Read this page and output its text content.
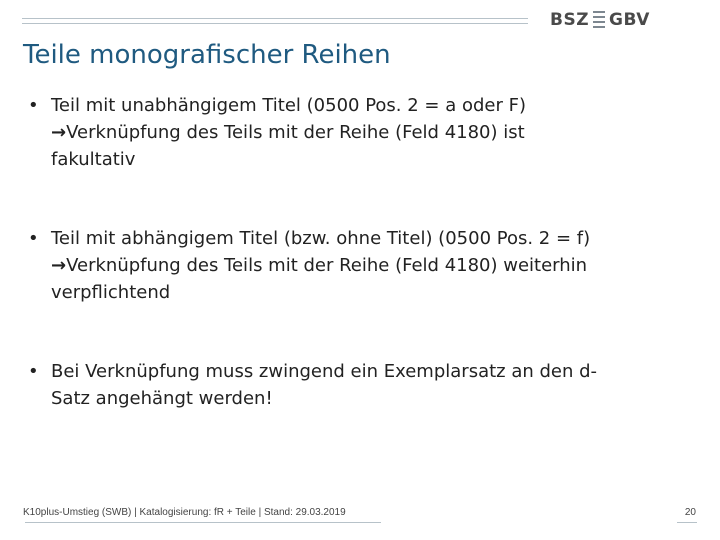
BSZ GBV
Teile monografischer Reihen
• Teil mit unabhängigem Titel (0500 Pos. 2 = a oder F)
→Verknüpfung des Teils mit der Reihe (Feld 4180) ist
fakultativ
• Teil mit abhängigem Titel (bzw. ohne Titel) (0500 Pos. 2 = f)
→Verknüpfung des Teils mit der Reihe (Feld 4180) weiterhin
verpflichtend
• Bei Verknüpfung muss zwingend ein Exemplarsatz an den d-
Satz angehängt werden!
K10plus-Umstieg (SWB) | Katalogisierung: fR + Teile | Stand: 29.03.2019	20
